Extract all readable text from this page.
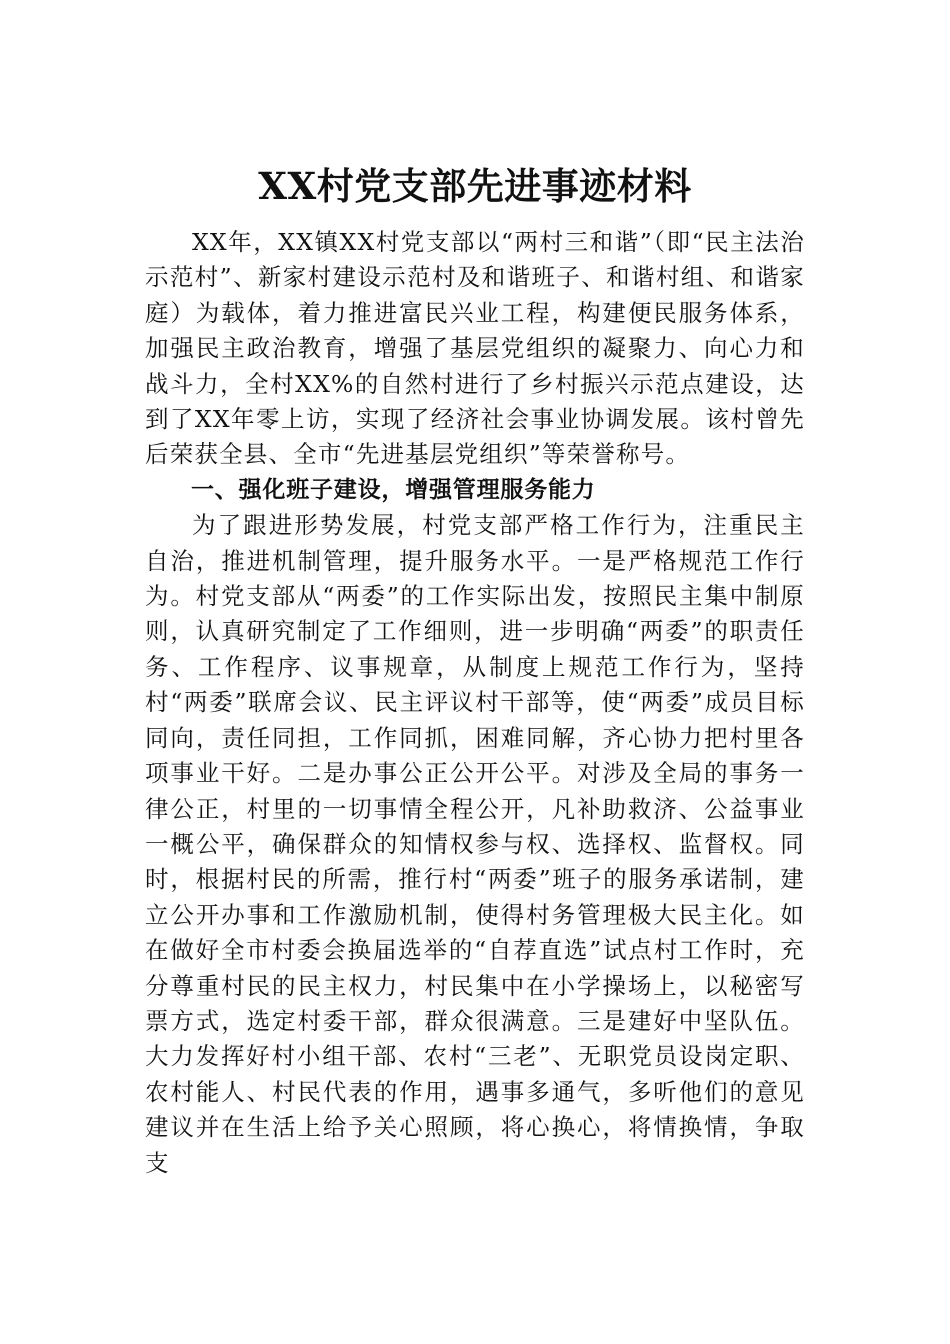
XX村党支部先进事迹材料

XX年，XX镇XX村党支部以“两村三和谐”（即“民主法治示范村”、新家村建设示范村及和谐班子、和谐村组、和谐家庭）为载体，着力推进富民兴业工程，构建便民服务体系，加强民主政治教育，增强了基层党组织的凝聚力、向心力和战斗力，全村XX%的自然村进行了乡村振兴示范点建设，达到了XX年零上访，实现了经济社会事业协调发展。该村曾先后荣获全县、全市“先进基层党组织”等荣誉称号。

一、强化班子建设，增强管理服务能力

为了跟进形势发展，村党支部严格工作行为，注重民主自治，推进机制管理，提升服务水平。一是严格规范工作行为。村党支部从“两委”的工作实际出发，按照民主集中制原则，认真研究制定了工作细则，进一步明确“两委”的职责任务、工作程序、议事规章，从制度上规范工作行为，坚持村“两委”联席会议、民主评议村干部等，使“两委”成员目标同向，责任同担，工作同抓，困难同解，齐心协力把村里各项事业干好。二是办事公正公开公平。对涉及全局的事务一律公正，村里的一切事情全程公开，凡补助救济、公益事业一概公平，确保群众的知情权参与权、选择权、监督权。同时，根据村民的所需，推行村“两委”班子的服务承诺制，建立公开办事和工作激励机制，使得村务管理极大民主化。如在做好全市村委会换届选举的“自荐直选”试点村工作时，充分尊重村民的民主权力，村民集中在小学操场上，以秘密写票方式，选定村委干部，群众很满意。三是建好中坚队伍。大力发挥好村小组干部、农村“三老”、无职党员设岗定职、农村能人、村民代表的作用，遇事多通气，多听他们的意见建议并在生活上给予关心照顾，将心换心，将情换情，争取支
